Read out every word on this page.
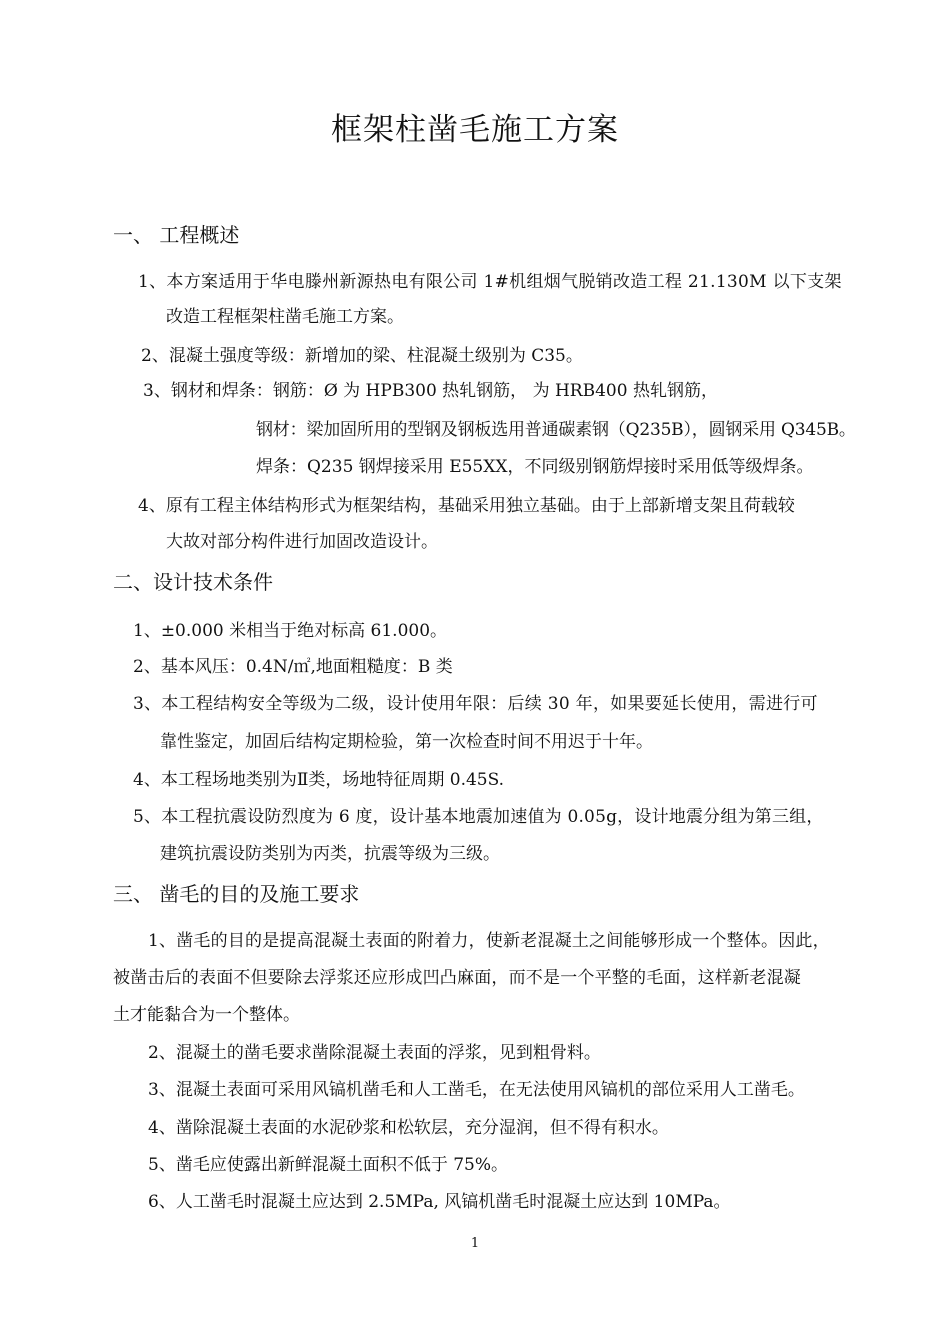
框架柱凿毛施工方案
一、 工程概述
1、本方案适用于华电滕州新源热电有限公司 1#机组烟气脱销改造工程 21.130M 以下支架
改造工程框架柱凿毛施工方案。
2、混凝土强度等级：新增加的梁、柱混凝土级别为 C35。
3、钢材和焊条：钢筋：Ø 为 HPB300 热轧钢筋， 为 HRB400 热轧钢筋，
钢材：梁加固所用的型钢及钢板选用普通碳素钢（Q235B），圆钢采用 Q345B。
焊条：Q235 钢焊接采用 E55XX，不同级别钢筋焊接时采用低等级焊条。
4、原有工程主体结构形式为框架结构，基础采用独立基础。由于上部新增支架且荷载较
大故对部分构件进行加固改造设计。
二、设计技术条件
1、±0.000 米相当于绝对标高 61.000。
2、基本风压：0.4N/㎡,地面粗糙度：B 类
3、本工程结构安全等级为二级，设计使用年限：后续 30 年，如果要延长使用，需进行可
靠性鉴定，加固后结构定期检验，第一次检查时间不用迟于十年。
4、本工程场地类别为Ⅱ类，场地特征周期 0.45S.
5、本工程抗震设防烈度为 6 度，设计基本地震加速值为 0.05g，设计地震分组为第三组，
建筑抗震设防类别为丙类，抗震等级为三级。
三、 凿毛的目的及施工要求
1、凿毛的目的是提高混凝土表面的附着力，使新老混凝土之间能够形成一个整体。因此，
被凿击后的表面不但要除去浮浆还应形成凹凸麻面，而不是一个平整的毛面，这样新老混凝
土才能黏合为一个整体。
2、混凝土的凿毛要求凿除混凝土表面的浮浆，见到粗骨料。
3、混凝土表面可采用风镐机凿毛和人工凿毛，在无法使用风镐机的部位采用人工凿毛。
4、凿除混凝土表面的水泥砂浆和松软层，充分湿润，但不得有积水。
5、凿毛应使露出新鲜混凝土面积不低于 75%。
6、人工凿毛时混凝土应达到 2.5MPa, 风镐机凿毛时混凝土应达到 10MPa。
1
